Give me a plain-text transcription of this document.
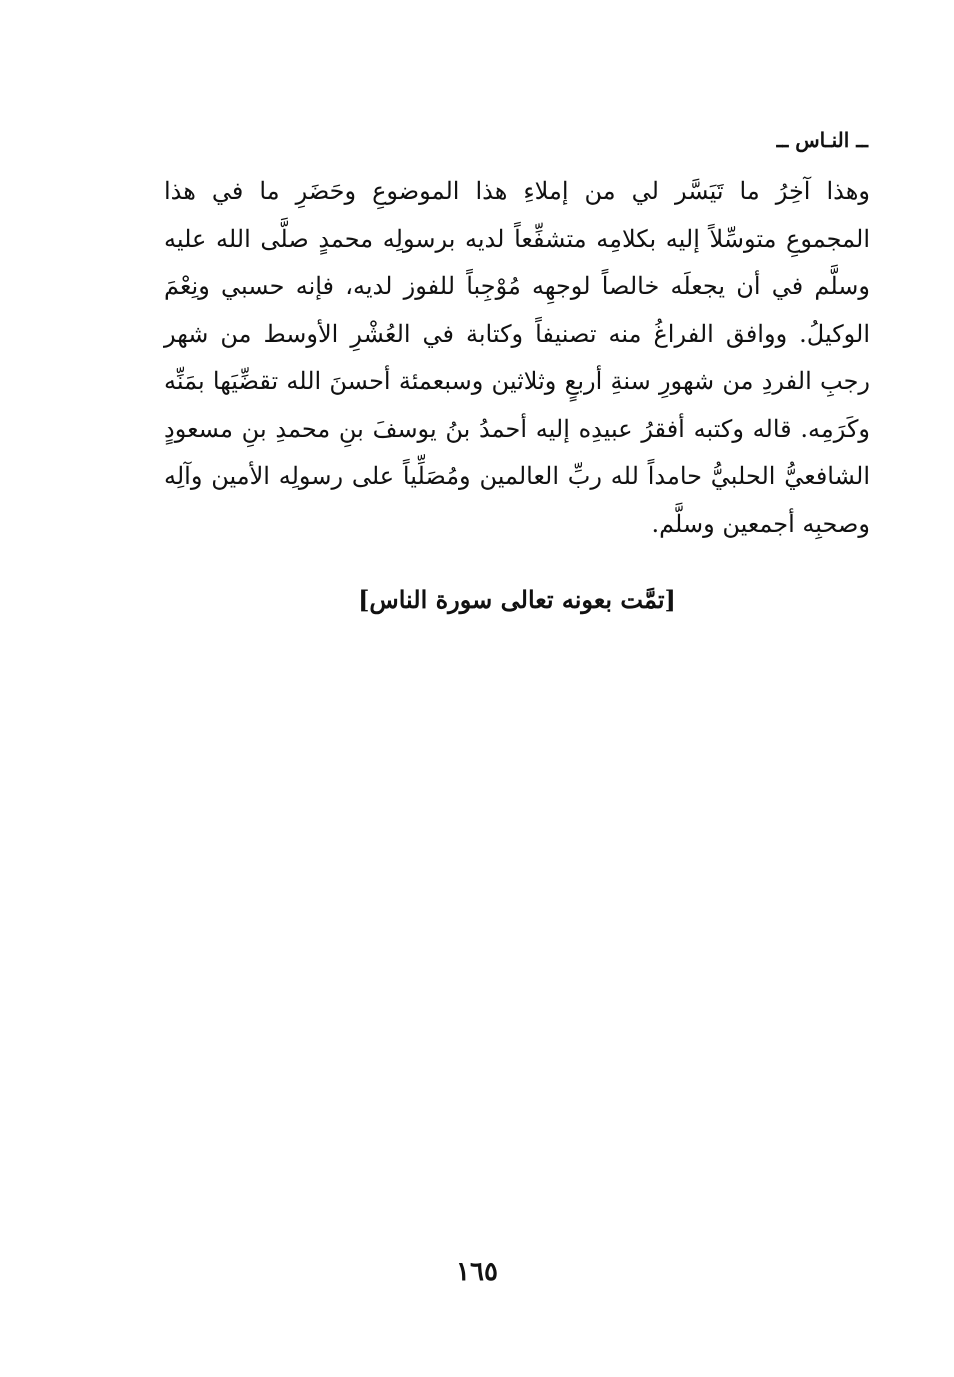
ــ النـاس ــ
وهذا آخِرُ ما تَيَسَّر لي من إملاءِ هذا الموضوعِ وحَضَرِ ما في هذا
المجموعِ متوسِّلاً إليه بكلامِه متشفِّعاً لديه برسولِه محمدٍ صلَّى الله عليه
وسلَّم في أن يجعلَه خالصاً لوجهِه مُوْجِباً للفوز لديه، فإنه حسبي ونِعْمَ
الوكيلُ. ووافق الفراغُ منه تصنيفاً وكتابة في العُشْرِ الأوسط من شهر
رجبِ الفردِ من شهورِ سنةِ أربعٍ وثلاثين وسبعمئة أحسنَ الله تقضِّيَها بمَنِّه
وكَرَمِه. قاله وكتبه أفقرُ عبيدِه إليه أحمدُ بنُ يوسفَ بنِ محمدِ بنِ مسعودٍ
الشافعيُّ الحلبيُّ حامداً لله ربِّ العالمين ومُصَلِّياً على رسولِه الأمين وآلِه
وصحبِه أجمعين وسلَّم.
[تمَّت بعونه تعالى سورة الناس]
١٦٥
